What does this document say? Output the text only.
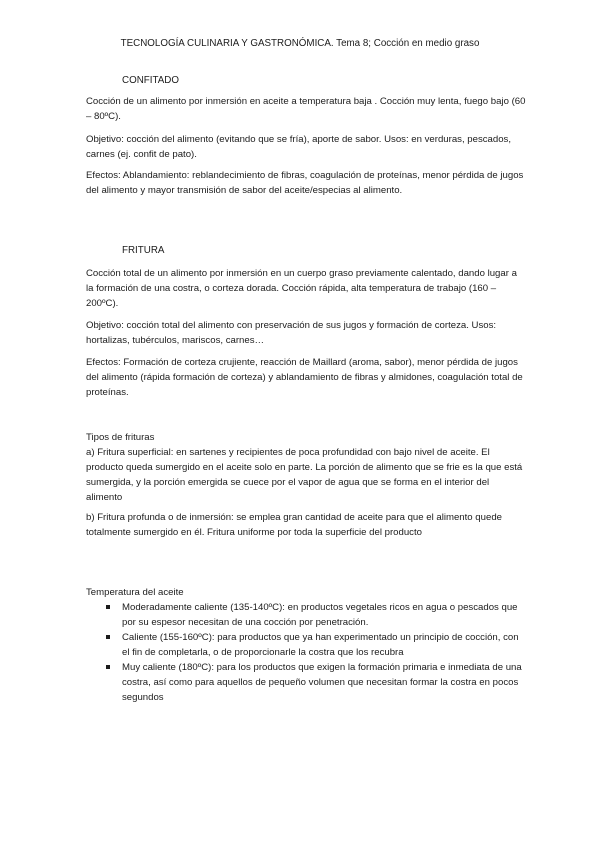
TECNOLOGÍA CULINARIA Y GASTRONÓMICA. Tema 8; Cocción en medio graso
CONFITADO

Cocción de un alimento por inmersión en aceite a temperatura baja . Cocción muy lenta, fuego bajo (60 – 80ºC).

Objetivo: cocción del alimento (evitando que se fría), aporte de sabor. Usos: en verduras, pescados, carnes (ej. confit de pato).

Efectos: Ablandamiento: reblandecimiento de fibras, coagulación de proteínas, menor pérdida de jugos del alimento y mayor transmisión de sabor del aceite/especias al alimento.

FRITURA

Cocción total de un alimento por inmersión en un cuerpo graso previamente calentado, dando lugar a la formación de una costra, o corteza dorada. Cocción rápida, alta temperatura de trabajo (160 – 200ºC).

Objetivo: cocción total del alimento con preservación de sus jugos y formación de corteza. Usos: hortalizas, tubérculos, mariscos, carnes…

Efectos: Formación de corteza crujiente, reacción de Maillard (aroma, sabor), menor pérdida de jugos del alimento (rápida formación de corteza) y ablandamiento de fibras y almidones, coagulación total de proteínas.

Tipos de frituras

a) Fritura superficial: en sartenes y recipientes de poca profundidad con bajo nivel de aceite. El producto queda sumergido en el aceite solo en parte. La porción de alimento que se frie es la que está sumergida, y la porción emergida se cuece por el vapor de agua que se forma en el interior del alimento

b) Fritura profunda o de inmersión: se emplea gran cantidad de aceite para que el alimento quede totalmente sumergido en él. Fritura uniforme por toda la superficie del producto

Temperatura del aceite
Moderadamente caliente (135-140ºC): en productos vegetales ricos en agua o pescados que por su espesor necesitan de una cocción por penetración.
Caliente (155-160ºC): para productos que ya han experimentado un principio de cocción, con el fin de completarla, o de proporcionarle la costra que los recubra
Muy caliente (180ºC): para los productos que exigen la formación primaria e inmediata de una costra, así como para aquellos de pequeño volumen que necesitan formar la costra en pocos segundos
